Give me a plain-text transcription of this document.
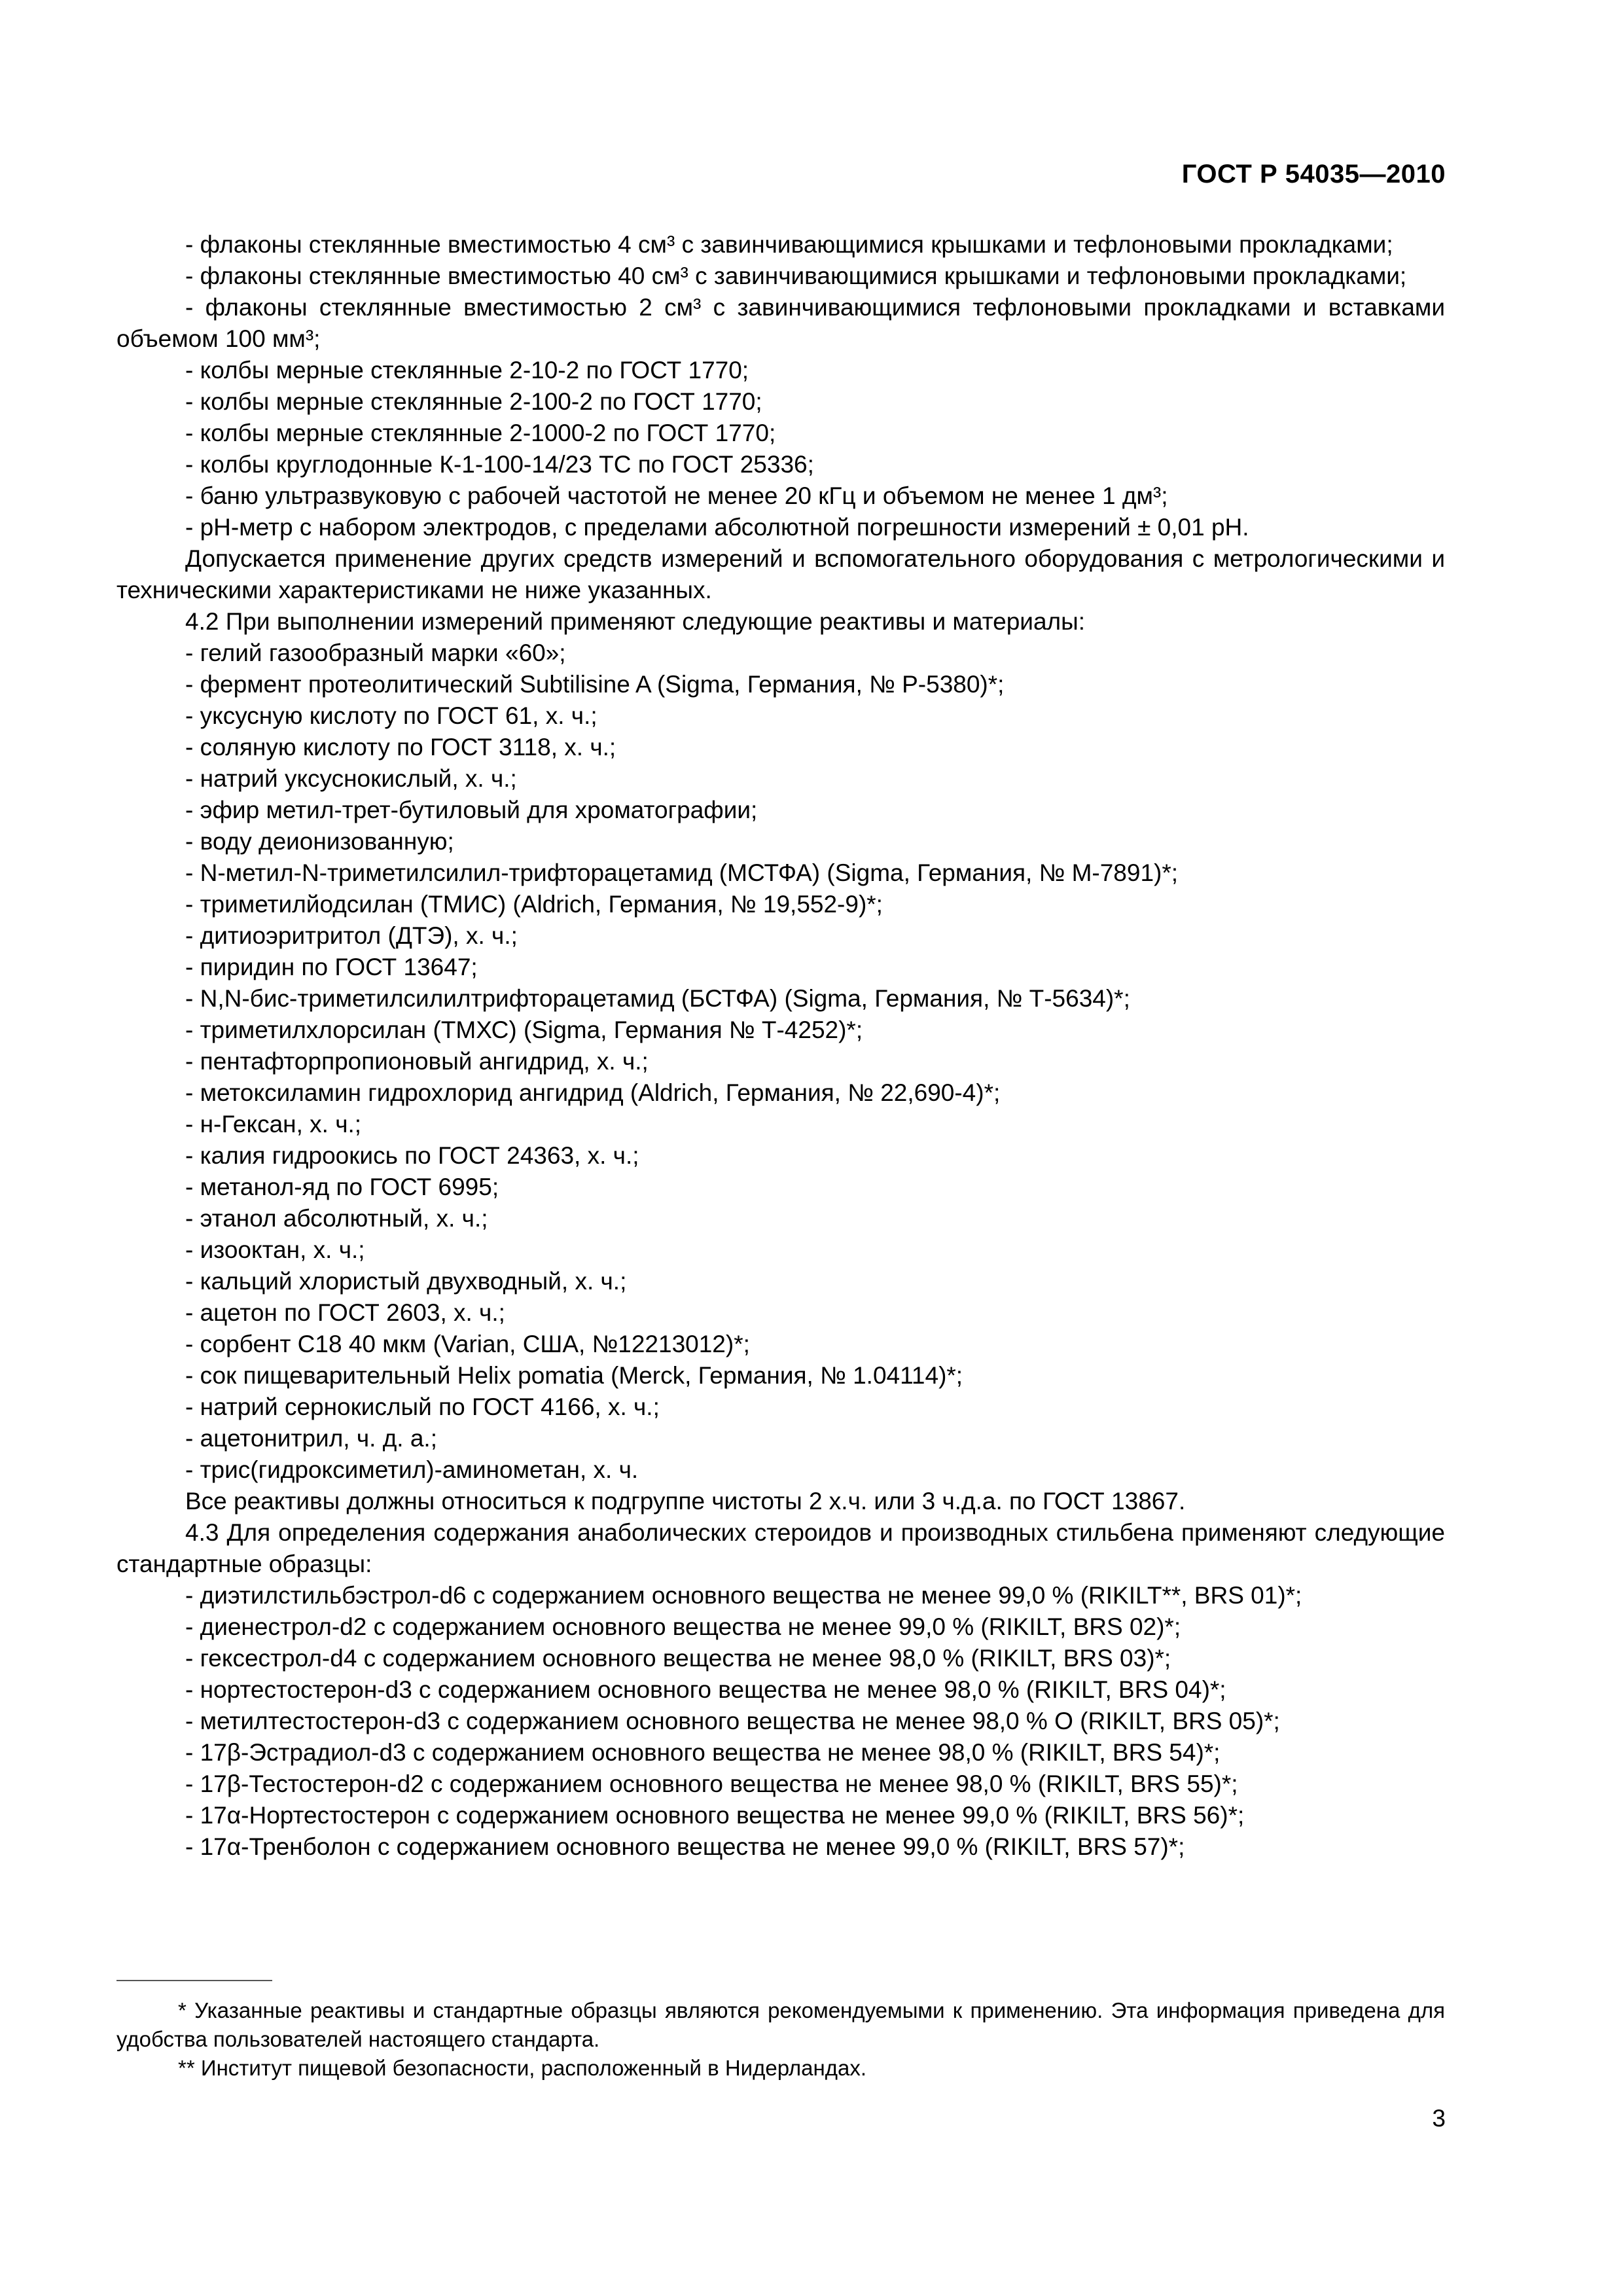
ГОСТ Р 54035—2010

- флаконы стеклянные вместимостью 4 см³ с завинчивающимися крышками и тефлоновыми прокладками;

- флаконы стеклянные вместимостью 40 см³ с завинчивающимися крышками и тефлоновыми прокладками;

- флаконы стеклянные вместимостью 2 см³ с завинчивающимися тефлоновыми прокладками и вставками объемом 100 мм³;

- колбы мерные стеклянные 2-10-2 по ГОСТ 1770;

- колбы мерные стеклянные 2-100-2 по ГОСТ 1770;

- колбы мерные стеклянные 2-1000-2 по ГОСТ 1770;

- колбы круглодонные К-1-100-14/23 ТС по ГОСТ 25336;

- баню ультразвуковую с рабочей частотой не менее 20 кГц и объемом не менее 1 дм³;

- рН-метр с набором электродов, с пределами абсолютной погрешности измерений ± 0,01 рН.

Допускается применение других средств измерений и вспомогательного оборудования с метрологическими и техническими характеристиками не ниже указанных.

4.2 При выполнении измерений применяют следующие реактивы и материалы:

- гелий газообразный марки «60»;

- фермент протеолитический Subtilisine A (Sigma, Германия, № Р-5380)*;

- уксусную кислоту по ГОСТ 61, х. ч.;

- соляную кислоту по ГОСТ 3118, х. ч.;

- натрий уксуснокислый, х. ч.;

- эфир метил-трет-бутиловый для хроматографии;

- воду деионизованную;

- N-метил-N-триметилсилил-трифторацетамид (МСТФА) (Sigma, Германия, № М-7891)*;

- триметилйодсилан (ТМИС) (Aldrich, Германия, № 19,552-9)*;

- дитиоэритритол (ДТЭ), х. ч.;

- пиридин по ГОСТ 13647;

- N,N-бис-триметилсилилтрифторацетамид (БСТФА) (Sigma, Германия, № Т-5634)*;

- триметилхлорсилан (ТМХС) (Sigma, Германия № Т-4252)*;

- пентафторпропионовый ангидрид, х. ч.;

- метоксиламин гидрохлорид ангидрид (Aldrich, Германия, № 22,690-4)*;

- н-Гексан, х. ч.;

- калия гидроокись по ГОСТ 24363, х. ч.;

- метанол-яд по ГОСТ 6995;

- этанол абсолютный, х. ч.;

- изооктан, х. ч.;

- кальций хлористый двухводный, х. ч.;

- ацетон по ГОСТ 2603, х. ч.;

- сорбент С18 40 мкм (Varian, США, №12213012)*;

- сок пищеварительный Helix pomatia (Merck, Германия, № 1.04114)*;

- натрий сернокислый по ГОСТ 4166, х. ч.;

- ацетонитрил, ч. д. а.;

- трис(гидроксиметил)-аминометан, х. ч.

Все реактивы должны относиться к подгруппе чистоты 2 х.ч. или 3 ч.д.а. по ГОСТ 13867.

4.3 Для определения содержания анаболических стероидов и производных стильбена применяют следующие стандартные образцы:

- диэтилстильбэстрол-d6 с содержанием основного вещества не менее 99,0 % (RIKILT**, BRS 01)*;

- диенестрол-d2 с содержанием основного вещества не менее 99,0 % (RIKILT, BRS 02)*;

- гексестрол-d4 с содержанием основного вещества не менее 98,0 % (RIKILT, BRS 03)*;

- нортестостерон-d3 с содержанием основного вещества не менее 98,0 % (RIKILT, BRS 04)*;

- метилтестостерон-d3 с содержанием основного вещества не менее 98,0 % О (RIKILT, BRS 05)*;

- 17β-Эстрадиол-d3 с содержанием основного вещества не менее 98,0 % (RIKILT, BRS 54)*;

- 17β-Тестостерон-d2 с содержанием основного вещества не менее 98,0 % (RIKILT, BRS 55)*;

- 17α-Нортестостерон с содержанием основного вещества не менее 99,0 % (RIKILT, BRS 56)*;

- 17α-Тренболон с содержанием основного вещества не менее 99,0 % (RIKILT, BRS 57)*;

* Указанные реактивы и стандартные образцы являются рекомендуемыми к применению. Эта информация приведена для удобства пользователей настоящего стандарта.

** Институт пищевой безопасности, расположенный в Нидерландах.

3
